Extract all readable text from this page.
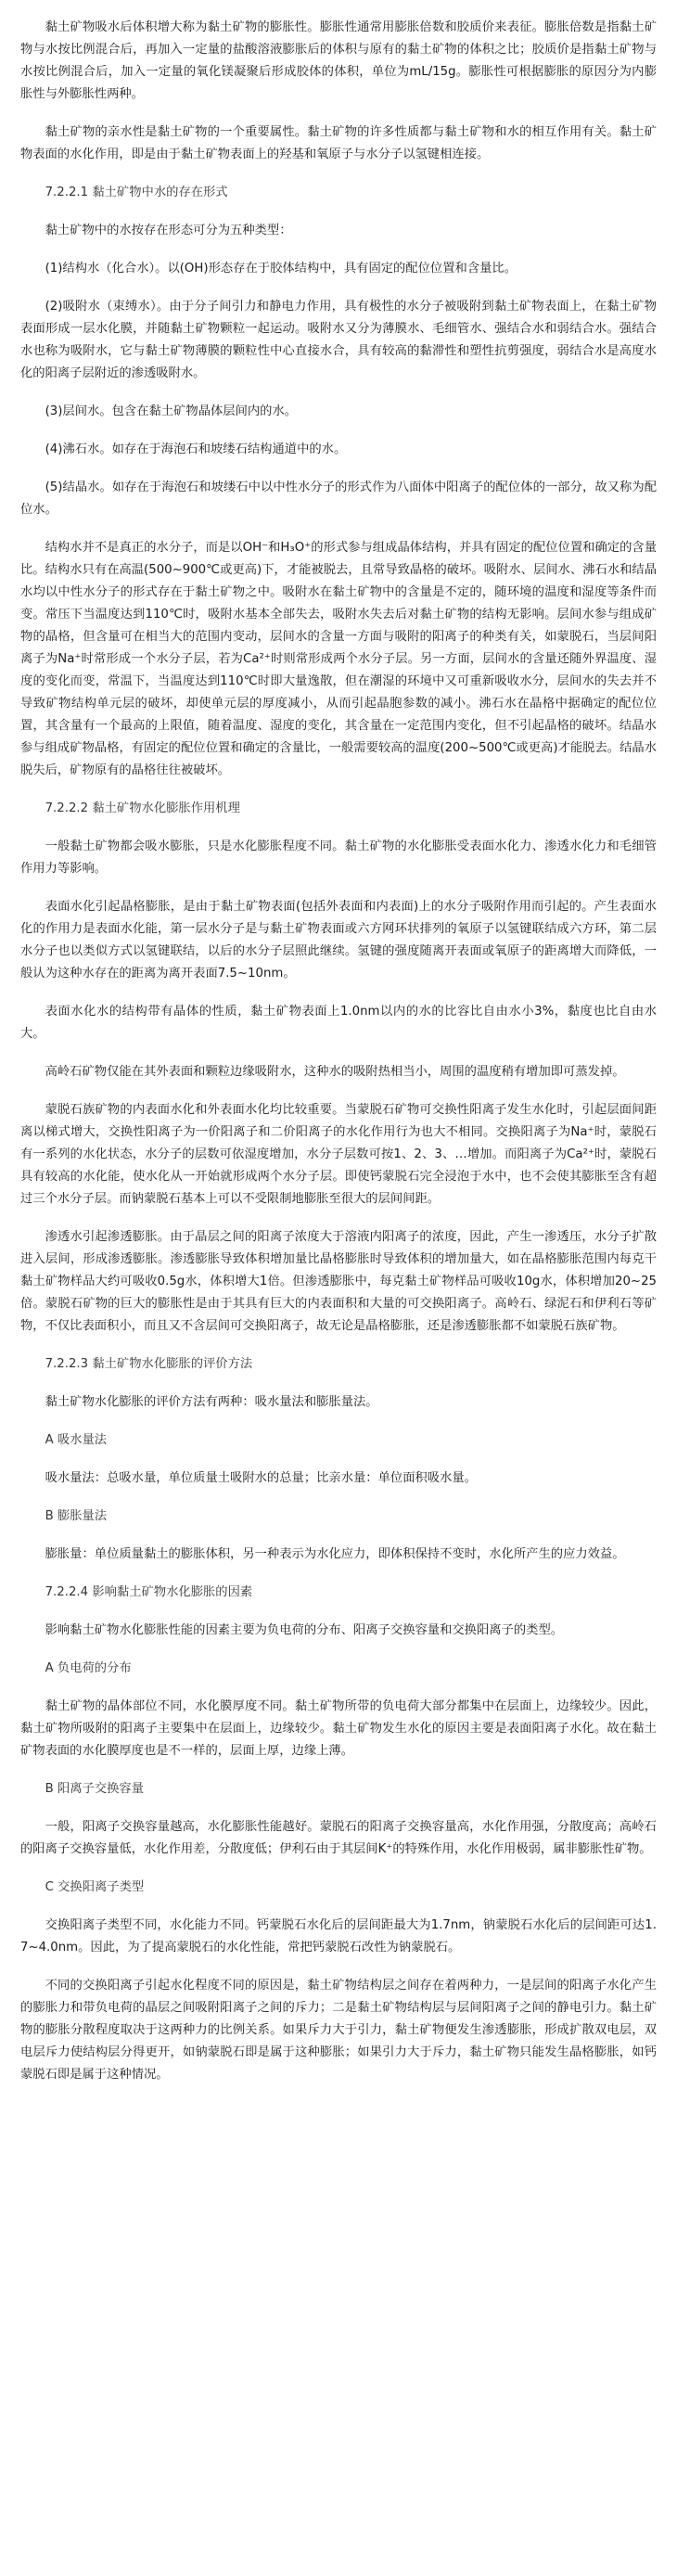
黏土矿物吸水后体积增大称为黏土矿物的膨胀性。膨胀性通常用膨胀倍数和胶质价来表征。膨胀倍数是指黏土矿物与水按比例混合后，再加入一定量的盐酸溶液膨胀后的体积与原有的黏土矿物的体积之比；胶质价是指黏土矿物与水按比例混合后，加入一定量的氧化镁凝聚后形成胶体的体积，单位为mL/15g。膨胀性可根据膨胀的原因分为内膨胀性与外膨胀性两种。

黏土矿物的亲水性是黏土矿物的一个重要属性。黏土矿物的许多性质都与黏土矿物和水的相互作用有关。黏土矿物表面的水化作用，即是由于黏土矿物表面上的羟基和氧原子与水分子以氢键相连接。

7.2.2.1 黏土矿物中水的存在形式

黏土矿物中的水按存在形态可分为五种类型：

(1)结构水（化合水）。以(OH)形态存在于胶体结构中，具有固定的配位位置和含量比。

(2)吸附水（束缚水）。由于分子间引力和静电力作用，具有极性的水分子被吸附到黏土矿物表面上，在黏土矿物表面形成一层水化膜，并随黏土矿物颗粒一起运动。吸附水又分为薄膜水、毛细管水、强结合水和弱结合水。强结合水也称为吸附水，它与黏土矿物薄膜的颗粒性中心直接水合，具有较高的黏滞性和塑性抗剪强度，弱结合水是高度水化的阳离子层附近的渗透吸附水。

(3)层间水。包含在黏土矿物晶体层间内的水。

(4)沸石水。如存在于海泡石和坡缕石结构通道中的水。

(5)结晶水。如存在于海泡石和坡缕石中以中性水分子的形式作为八面体中阳离子的配位体的一部分，故又称为配位水。

结构水并不是真正的水分子，而是以OH⁻和H₃O⁺的形式参与组成晶体结构，并具有固定的配位位置和确定的含量比。结构水只有在高温(500~900℃或更高)下，才能被脱去，且常导致晶格的破坏。吸附水、层间水、沸石水和结晶水均以中性水分子的形式存在于黏土矿物之中。吸附水在黏土矿物中的含量是不定的，随环境的温度和湿度等条件而变。常压下当温度达到110℃时，吸附水基本全部失去，吸附水失去后对黏土矿物的结构无影响。层间水参与组成矿物的晶格，但含量可在相当大的范围内变动，层间水的含量一方面与吸附的阳离子的种类有关，如蒙脱石，当层间阳离子为Na⁺时常形成一个水分子层，若为Ca²⁺时则常形成两个水分子层。另一方面，层间水的含量还随外界温度、湿度的变化而变，常温下，当温度达到110℃时即大量逸散，但在潮湿的环境中又可重新吸收水分，层间水的失去并不导致矿物结构单元层的破坏，却使单元层的厚度减小，从而引起晶胞参数的减小。沸石水在晶格中据确定的配位位置，其含量有一个最高的上限值，随着温度、湿度的变化，其含量在一定范围内变化，但不引起晶格的破坏。结晶水参与组成矿物晶格，有固定的配位位置和确定的含量比，一般需要较高的温度(200~500℃或更高)才能脱去。结晶水脱失后，矿物原有的晶格往往被破坏。

7.2.2.2 黏土矿物水化膨胀作用机理

一般黏土矿物都会吸水膨胀，只是水化膨胀程度不同。黏土矿物的水化膨胀受表面水化力、渗透水化力和毛细管作用力等影响。

表面水化引起晶格膨胀，是由于黏土矿物表面(包括外表面和内表面)上的水分子吸附作用而引起的。产生表面水化的作用力是表面水化能，第一层水分子是与黏土矿物表面或六方网环状排列的氧原子以氢键联结成六方环，第二层水分子也以类似方式以氢键联结，以后的水分子层照此继续。氢键的强度随离开表面或氧原子的距离增大而降低，一般认为这种水存在的距离为离开表面7.5~10nm。

表面水化水的结构带有晶体的性质，黏土矿物表面上1.0nm以内的水的比容比自由水小3%，黏度也比自由水大。

高岭石矿物仅能在其外表面和颗粒边缘吸附水，这种水的吸附热相当小，周围的温度稍有增加即可蒸发掉。

蒙脱石族矿物的内表面水化和外表面水化均比较重要。当蒙脱石矿物可交换性阳离子发生水化时，引起层面间距离以梯式增大，交换性阳离子为一价阳离子和二价阳离子的水化作用行为也大不相同。交换阳离子为Na⁺时，蒙脱石有一系列的水化状态，水分子的层数可依湿度增加，水分子层数可按1、2、3、…增加。而阳离子为Ca²⁺时，蒙脱石具有较高的水化能，使水化从一开始就形成两个水分子层。即使钙蒙脱石完全浸泡于水中，也不会使其膨胀至含有超过三个水分子层。而钠蒙脱石基本上可以不受限制地膨胀至很大的层间间距。

渗透水引起渗透膨胀。由于晶层之间的阳离子浓度大于溶液内阳离子的浓度，因此，产生一渗透压，水分子扩散进入层间，形成渗透膨胀。渗透膨胀导致体积增加量比晶格膨胀时导致体积的增加量大，如在晶格膨胀范围内每克干黏土矿物样品大约可吸收0.5g水，体积增大1倍。但渗透膨胀中，每克黏土矿物样品可吸收10g水，体积增加20~25倍。蒙脱石矿物的巨大的膨胀性是由于其具有巨大的内表面积和大量的可交换阳离子。高岭石、绿泥石和伊利石等矿物，不仅比表面积小，而且又不含层间可交换阳离子，故无论是晶格膨胀，还是渗透膨胀都不如蒙脱石族矿物。

7.2.2.3 黏土矿物水化膨胀的评价方法

黏土矿物水化膨胀的评价方法有两种：吸水量法和膨胀量法。

A 吸水量法

吸水量法：总吸水量，单位质量土吸附水的总量；比亲水量：单位面积吸水量。

B 膨胀量法

膨胀量：单位质量黏土的膨胀体积，另一种表示为水化应力，即体积保持不变时，水化所产生的应力效益。

7.2.2.4 影响黏土矿物水化膨胀的因素

影响黏土矿物水化膨胀性能的因素主要为负电荷的分布、阳离子交换容量和交换阳离子的类型。

A 负电荷的分布

黏土矿物的晶体部位不同，水化膜厚度不同。黏土矿物所带的负电荷大部分都集中在层面上，边缘较少。因此，黏土矿物所吸附的阳离子主要集中在层面上，边缘较少。黏土矿物发生水化的原因主要是表面阳离子水化。故在黏土矿物表面的水化膜厚度也是不一样的，层面上厚，边缘上薄。

B 阳离子交换容量

一般，阳离子交换容量越高，水化膨胀性能越好。蒙脱石的阳离子交换容量高，水化作用强，分散度高；高岭石的阳离子交换容量低，水化作用差，分散度低；伊利石由于其层间K⁺的特殊作用，水化作用极弱，属非膨胀性矿物。

C 交换阳离子类型

交换阳离子类型不同，水化能力不同。钙蒙脱石水化后的层间距最大为1.7nm，钠蒙脱石水化后的层间距可达1.7~4.0nm。因此，为了提高蒙脱石的水化性能，常把钙蒙脱石改性为钠蒙脱石。

不同的交换阳离子引起水化程度不同的原因是，黏土矿物结构层之间存在着两种力，一是层间的阳离子水化产生的膨胀力和带负电荷的晶层之间吸附阳离子之间的斥力；二是黏土矿物结构层与层间阳离子之间的静电引力。黏土矿物的膨胀分散程度取决于这两种力的比例关系。如果斥力大于引力，黏土矿物便发生渗透膨胀，形成扩散双电层，双电层斥力使结构层分得更开，如钠蒙脱石即是属于这种膨胀；如果引力大于斥力，黏土矿物只能发生晶格膨胀，如钙蒙脱石即是属于这种情况。
